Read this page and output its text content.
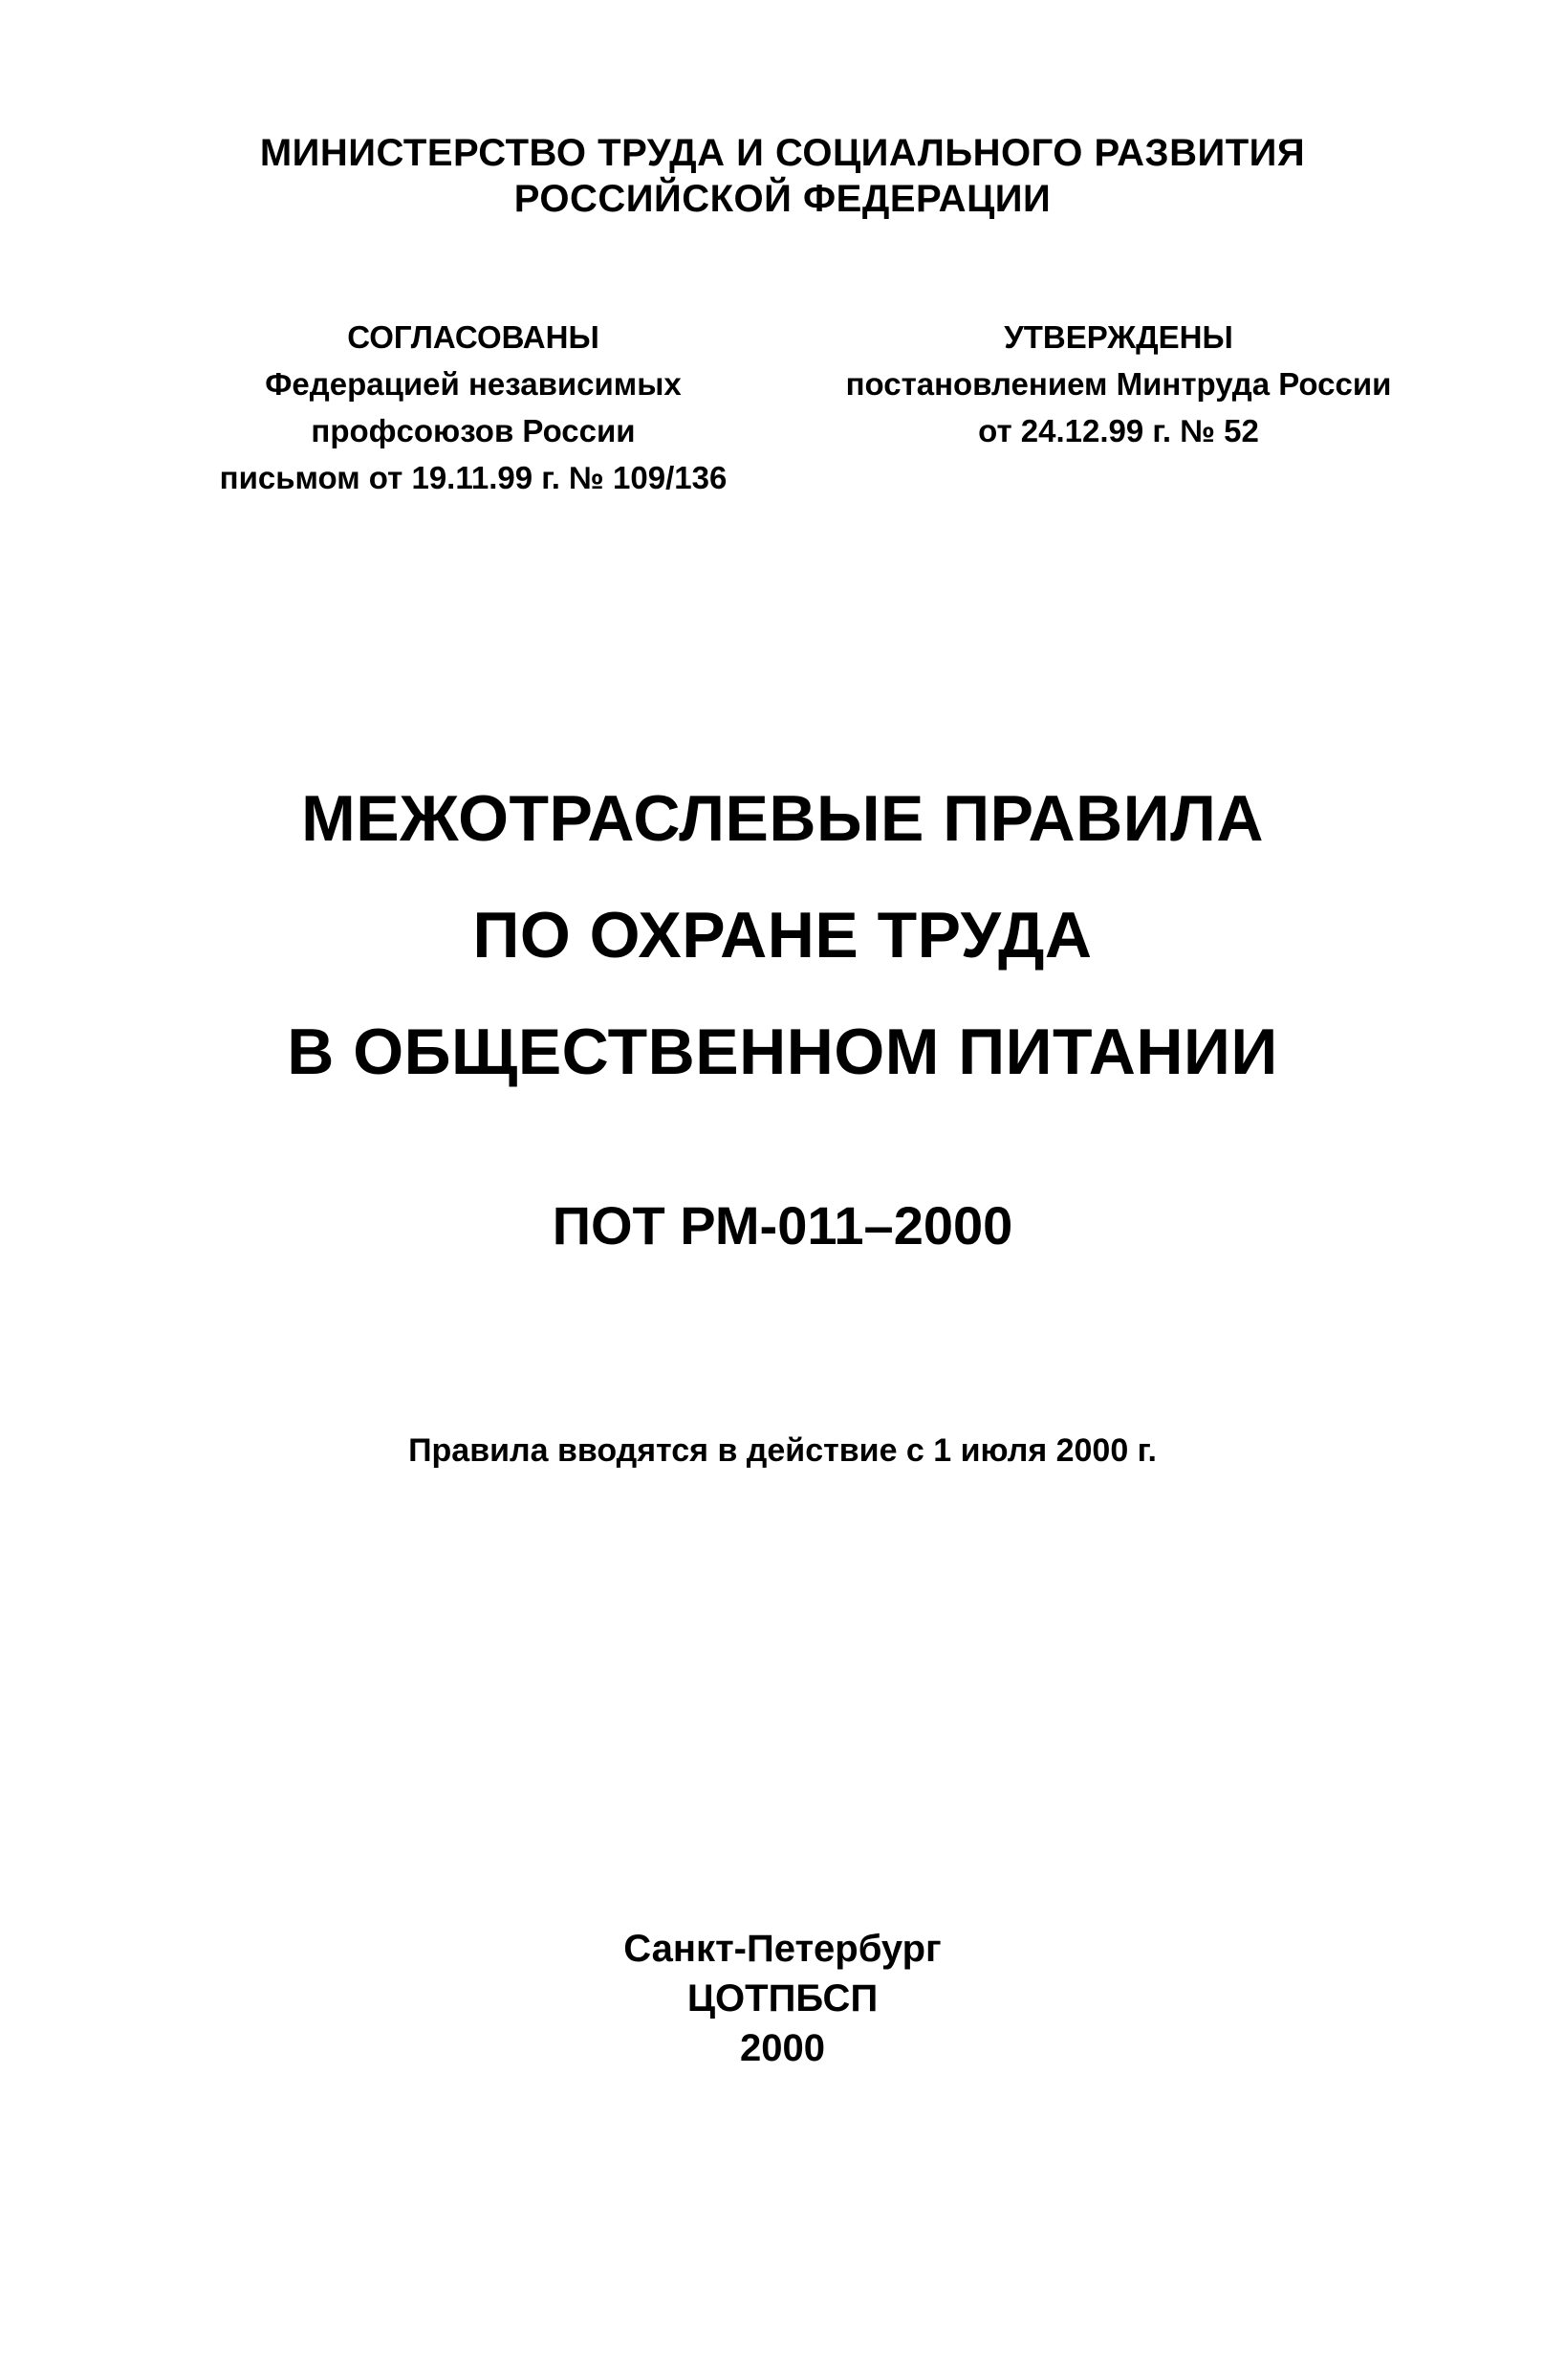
МИНИСТЕРСТВО ТРУДА И СОЦИАЛЬНОГО РАЗВИТИЯ
РОССИЙСКОЙ ФЕДЕРАЦИИ
СОГЛАСОВАНЫ
Федерацией независимых
профсоюзов России
письмом от 19.11.99 г. № 109/136
УТВЕРЖДЕНЫ
постановлением Минтруда России
от 24.12.99 г. № 52
МЕЖОТРАСЛЕВЫЕ ПРАВИЛА
ПО ОХРАНЕ ТРУДА
В ОБЩЕСТВЕННОМ ПИТАНИИ
ПОТ РМ-011–2000
Правила вводятся в действие с 1 июля 2000 г.
Санкт-Петербург
ЦОТПБСП
2000
